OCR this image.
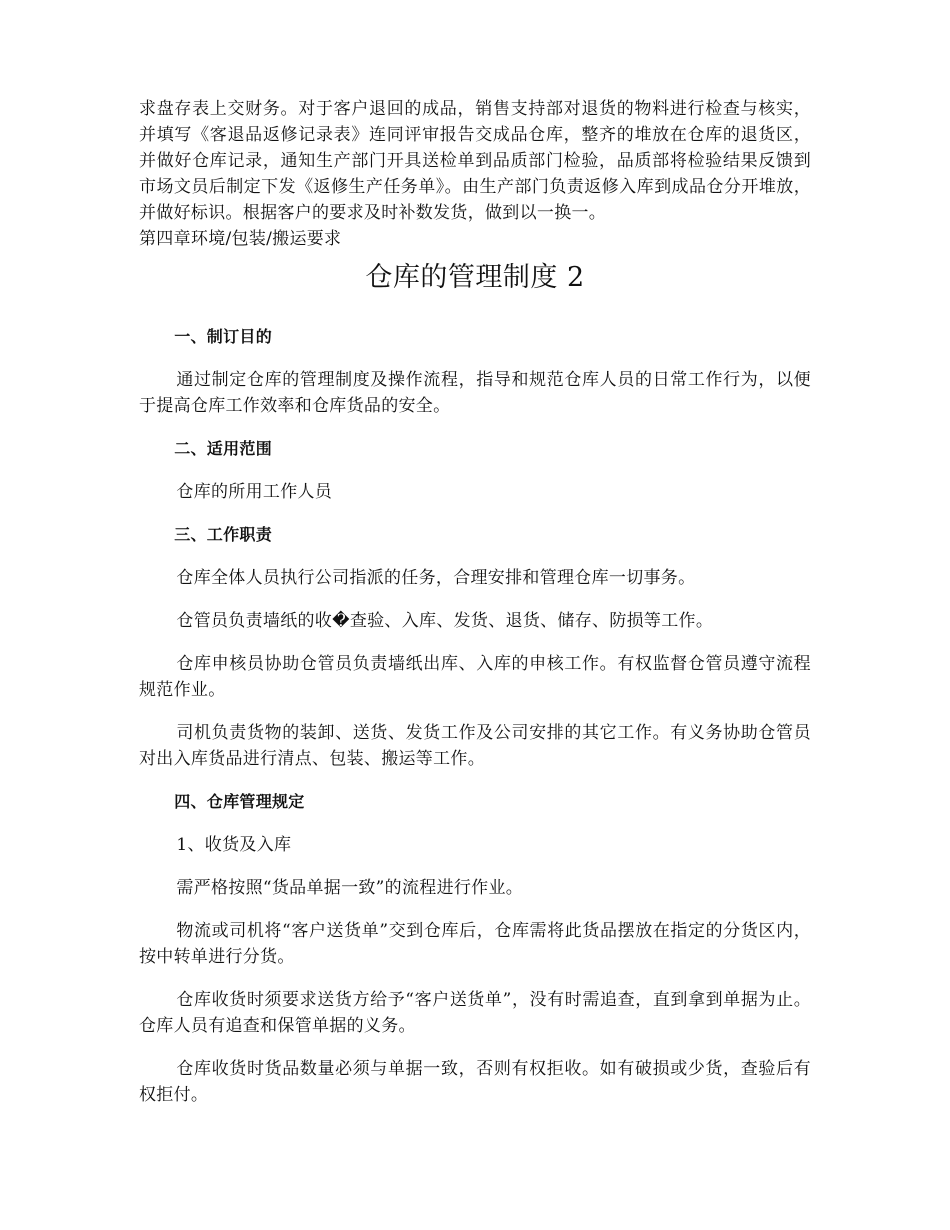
求盘存表上交财务。对于客户退回的成品，销售支持部对退货的物料进行检查与核实，并填写《客退品返修记录表》连同评审报告交成品仓库，整齐的堆放在仓库的退货区，并做好仓库记录，通知生产部门开具送检单到品质部门检验，品质部将检验结果反馈到市场文员后制定下发《返修生产任务单》。由生产部门负责返修入库到成品仓分开堆放，并做好标识。根据客户的要求及时补数发货，做到以一换一。

第四章环境/包装/搬运要求

仓库的管理制度 2
一、制订目的

通过制定仓库的管理制度及操作流程，指导和规范仓库人员的日常工作行为，以便于提高仓库工作效率和仓库货品的安全。

二、适用范围

仓库的所用工作人员

三、工作职责

仓库全体人员执行公司指派的任务，合理安排和管理仓库一切事务。

仓管员负责墙纸的收�查验、入库、发货、退货、储存、防损等工作。

仓库申核员协助仓管员负责墙纸出库、入库的申核工作。有权监督仓管员遵守流程规范作业。

司机负责货物的装卸、送货、发货工作及公司安排的其它工作。有义务协助仓管员对出入库货品进行清点、包装、搬运等工作。

四、仓库管理规定

1、收货及入库

需严格按照“货品单据一致”的流程进行作业。

物流或司机将“客户送货单”交到仓库后，仓库需将此货品摆放在指定的分货区内，按中转单进行分货。

仓库收货时须要求送货方给予“客户送货单”，没有时需追查，直到拿到单据为止。仓库人员有追查和保管单据的义务。

仓库收货时货品数量必须与单据一致，否则有权拒收。如有破损或少货，查验后有权拒付。
